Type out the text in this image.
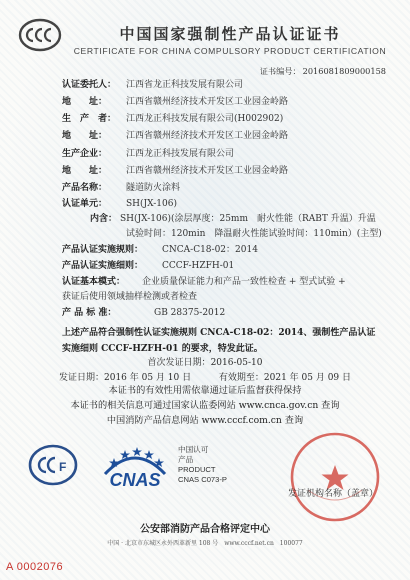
中国国家强制性产品认证证书
CERTIFICATE FOR CHINA COMPULSORY PRODUCT CERTIFICATION
证书编号： 2016081809000158
认证委托人： 江西省龙正科技发展有限公司
地　　址： 江西省赣州经济技术开发区工业园金岭路
生　产　者： 江西龙正科技发展有限公司(H002902)
地　　址： 江西省赣州经济技术开发区工业园金岭路
生产企业： 江西龙正科技发展有限公司
地　　址： 江西省赣州经济技术开发区工业园金岭路
产品名称： 隧道防火涂料
认证单元： SH(JX-106)
内含： SH(JX-106)(涂层厚度：25mm　耐火性能（RABT 升温）升温
试验时间：120min　降温耐火性能试验时间：110min）(主型)
产品认证实施规则： CNCA-C18-02：2014
产品认证实施细则： CCCF-HZFH-01
认证基本模式： 企业质量保证能力和产品一致性检查 + 型式试验 +
获证后使用领域抽样检测或者检查
产 品 标 准：	GB 28375-2012
上述产品符合强制性认证实施规则 CNCA-C18-02：2014、强制性产品认证
实施细则 CCCF-HZFH-01 的要求，特发此证。
首次发证日期：2016-05-10
发证日期：2016 年 05 月 10 日	有效期至：2021 年 05 月 09 日
本证书的有效性用需依靠通过证后监督获得保持
本证书的相关信息可通过国家认监委网站 www.cnca.gov.cn 查询
中国消防产品信息网站 www.cccf.com.cn 查询
F
CNAS
中国认可
产品
PRODUCT
CNAS C073-P
发证机构名称（盖章）
公安部消防产品合格评定中心
中国 · 北京市东城区永外西革新里 108 号　www.cccf.net.cn　100077
A 0002076
